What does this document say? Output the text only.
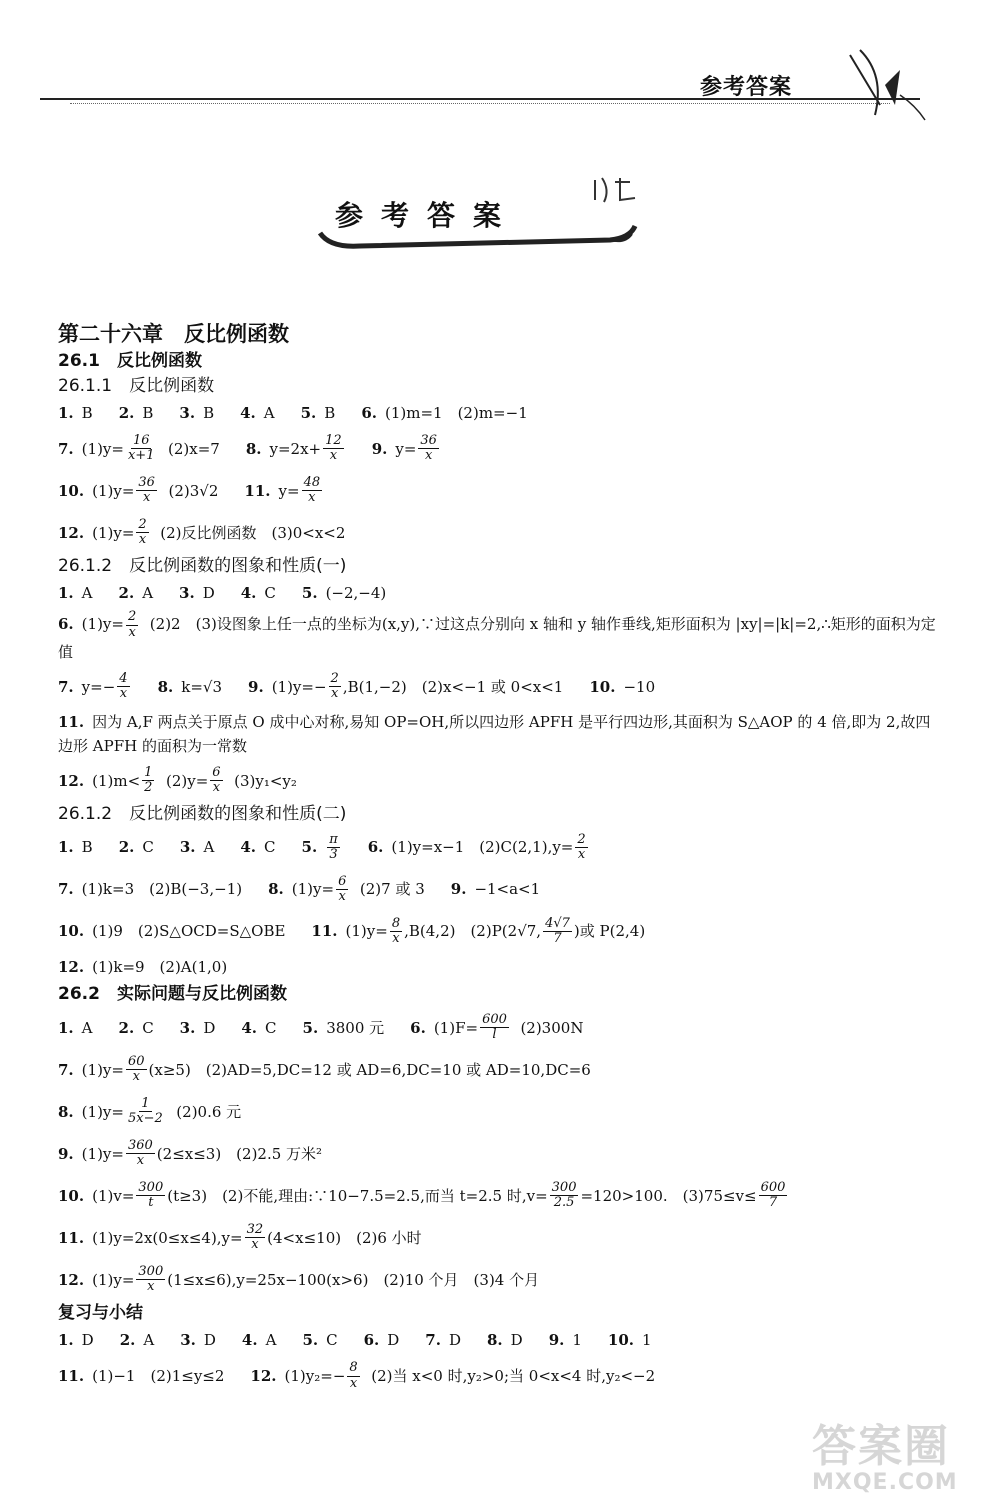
参考答案
参考答案
第二十六章　反比例函数
26.1　反比例函数
26.1.1　反比例函数
1. B 2. B 3. B 4. A 5. B 6. (1)m=1　(2)m=−1
7. $(1)y= \frac{16}{x+1}$
(2)x=7 8. $y=2x+ \frac{12}{x} 9$. $y= \frac{36}{x}$
10. $(1)y= \frac{36}{x}$
(2)3√2 11. $y= \frac{48}{x}$
12. $(1)y= \frac{2}{x}$
(2)反比例函数　(3)0<x<2
26.1.2　反比例函数的图象和性质(一)
1. A 2. A 3. D 4. C 5. (−2,−4)
6. $(1)y= \frac{2}{x} (2)2$　(3)设图象上任一点的坐标为(x,y),∵过这点分别向 x 轴和 y 轴作垂线,矩形面积为 |xy|=|k|=2,∴矩形的面积为定值
7. $y=- \frac{4}{x} 8$. k=√3 9. $(1)y=- \frac{2}{x} ,B(1,-2)$　(2)x<−1 或 0<x<1 10. −10
11. 因为 A,F 两点关于原点 O 成中心对称,易知 OP=OH,所以四边形 APFH 是平行四边形,其面积为 S△AOP 的 4 倍,即为 2,故四边形 APFH 的面积为一常数
12. $(1)m< \frac{1}{2}$
$(2)y= \frac{6}{x}$
(3)y₁<y₂
26.1.2　反比例函数的图象和性质(二)
1. B 2. C 3. A 4. C 5. $\frac{\pi}{3} 6$. (1)y=x−1　$(2)C(2,1),y= \frac{2}{x}$
7. (1)k=3　(2)B(−3,−1) 8. $(1)y= \frac{6}{x}$
(2)7 或 3 9. −1<a<1
10. (1)9　(2)S△OCD=S△OBE 11. $(1)y= \frac{8}{x} ,B(4,2)$　(2)P(2√7, $\frac{4√7}{7}$ )或 P(2,4)
12. (1)k=9　(2)A(1,0)
26.2　实际问题与反比例函数
1. A 2. C 3. D 4. C 5. 3800 元 6. $(1)F= \frac{600}{l}$
(2)300N
7. $(1)y= \frac{60}{x} (x\ge 5)$　(2)AD=5,DC=12 或 AD=6,DC=10 或 AD=10,DC=6
8. $(1)y= \frac{1}{5x-2}$
(2)0.6 元
9. $(1)y= \frac{360}{x} (2\le x\le 3)$　(2)2.5 万米²
10. $(1)v= \frac{300}{t} (t\ge 3)$　(2)不能,理由:∵10−7.5=2.5,而当 t=2.5 时$,v= \frac{300}{2.5} =120>100$.　$(3)75\le v\le \frac{600}{7}$
11. $(1)y=2x(0\le x\le 4),y= \frac{32}{x} (4<x\le 10)$　(2)6 小时
12. $(1)y= \frac{300}{x} (1\le x\le 6),y=25x-100(x>6)$　(2)10 个月　(3)4 个月
复习与小结
1. D 2. A 3. D 4. A 5. C 6. D 7. D 8. D 9. 1 10. 1
11. (1)−1　(2)1≤y≤2 12. $(1)y_2=- \frac{8}{x}$
(2)当 x<0 时,y₂>0;当 0<x<4 时,y₂<−2
答案圈
MXQE.COM
